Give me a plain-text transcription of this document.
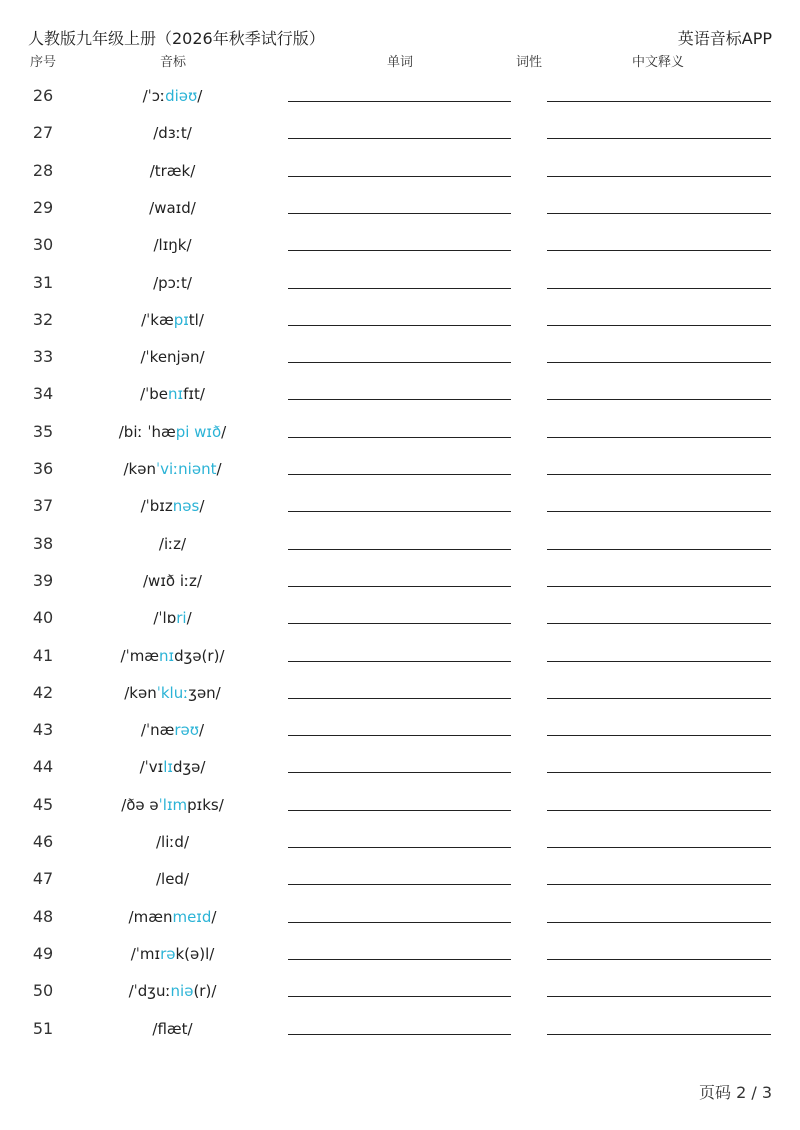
人教版九年级上册（2026年秋季试行版）	英语音标APP
序号	音标	单词	词性	中文释义
26	/ˈɔːdiəʊ/
27	/dɜːt/
28	/træk/
29	/waɪd/
30	/lɪŋk/
31	/pɔːt/
32	/ˈkæpɪtl/
33	/ˈkenjən/
34	/ˈbenɪfɪt/
35	/biː ˈhæpi wɪð/
36	/kənˈviːniənt/
37	/ˈbɪznəs/
38	/iːz/
39	/wɪð iːz/
40	/ˈlɒri/
41	/ˈmænɪdʒə(r)/
42	/kənˈkluːʒən/
43	/ˈnærəʊ/
44	/ˈvɪlɪdʒə/
45	/ðə əˈlɪmpɪks/
46	/liːd/
47	/led/
48	/mænmeɪd/
49	/ˈmɪrək(ə)l/
50	/ˈdʒuːniə(r)/
51	/flæt/
页码 2 / 3
